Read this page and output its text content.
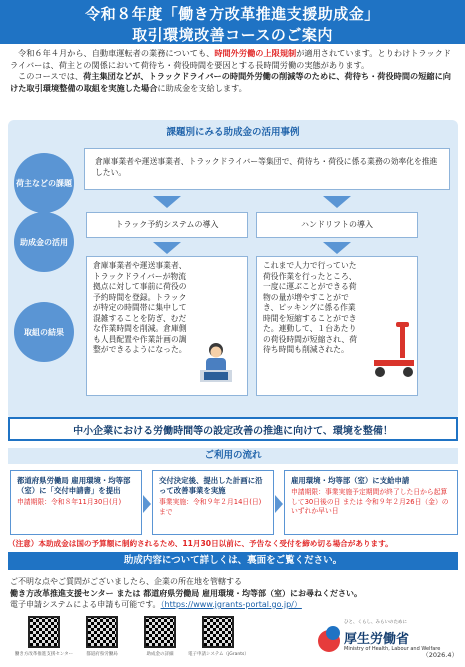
令和８年度「働き方改革推進支援助成金」
取引環境改善コースのご案内

令和６年４月から、自動車運転者の業務についても、時間外労働の上限規制が適用されています。とりわけトラックドライバーは、荷主との関係において荷待ち・荷役時間を要因とする長時間労働の実態があります。

このコースでは、荷主集団などが、トラックドライバーの時間外労働の削減等のために、荷待ち・荷役時間の短縮に向けた取引環境整備の取組を実施した場合に助成金を支給します。

課題別にみる助成金の活用事例
荷主などの課題
助成金の活用
取組の結果
倉庫事業者や運送事業者、トラックドライバー等集団で、荷待ち・荷役に係る業務の効率化を推進したい。
トラック予約システムの導入	ハンドリフトの導入
倉庫事業者や運送事業者、トラックドライバーが物流拠点に対して事前に荷役の予約時間を登録。トラックが特定の時間帯に集中して混雑することを防ぎ、むだな作業時間を削減。倉庫側も人員配置や作業計画の調整ができるようになった。
これまで人力で行っていた荷役作業を行ったところ、一度に運ぶことができる荷物の量が増やすことができ、ピッキングに係る作業時間を短縮することができた。連動して、１台あたりの荷役時間が短縮され、荷待ち時間も削減された。
中小企業における労働時間等の設定改善の推進に向けて、環境を整備！
ご利用の流れ
都道府県労働局 雇用環境・均等部（室）に「交付申請書」を提出
申請期限：令和８年11月30日(月)
交付決定後、提出した計画に沿って改善事業を実施
事業実施：令和９年２月14日(日)まで
雇用環境・均等部（室）に支給申請
申請期限：事業実施予定期間が終了した日から起算して30日後の日 または 令和９年２月26日（金）のいずれか早い日
（注意）本助成金は国の予算額に制約されるため、11月30日以前に、予告なく受付を締め切る場合があります。
助成内容について詳しくは、裏面をご覧ください。
ご不明な点やご質問がございましたら、企業の所在地を管轄する
働き方改革推進支援センター または 都道府県労働局 雇用環境・均等部（室）にお尋ねください。
電子申請システムによる申請も可能です。（https://www.jgrants-portal.go.jp/）
働き方改革推進支援センター	都道府県労働局	助成金の詳細	電子申請システム（jGrants）
ひと、くらし、みらいのために
厚生労働省
Ministry of Health, Labour and Welfare
（2026.4）
